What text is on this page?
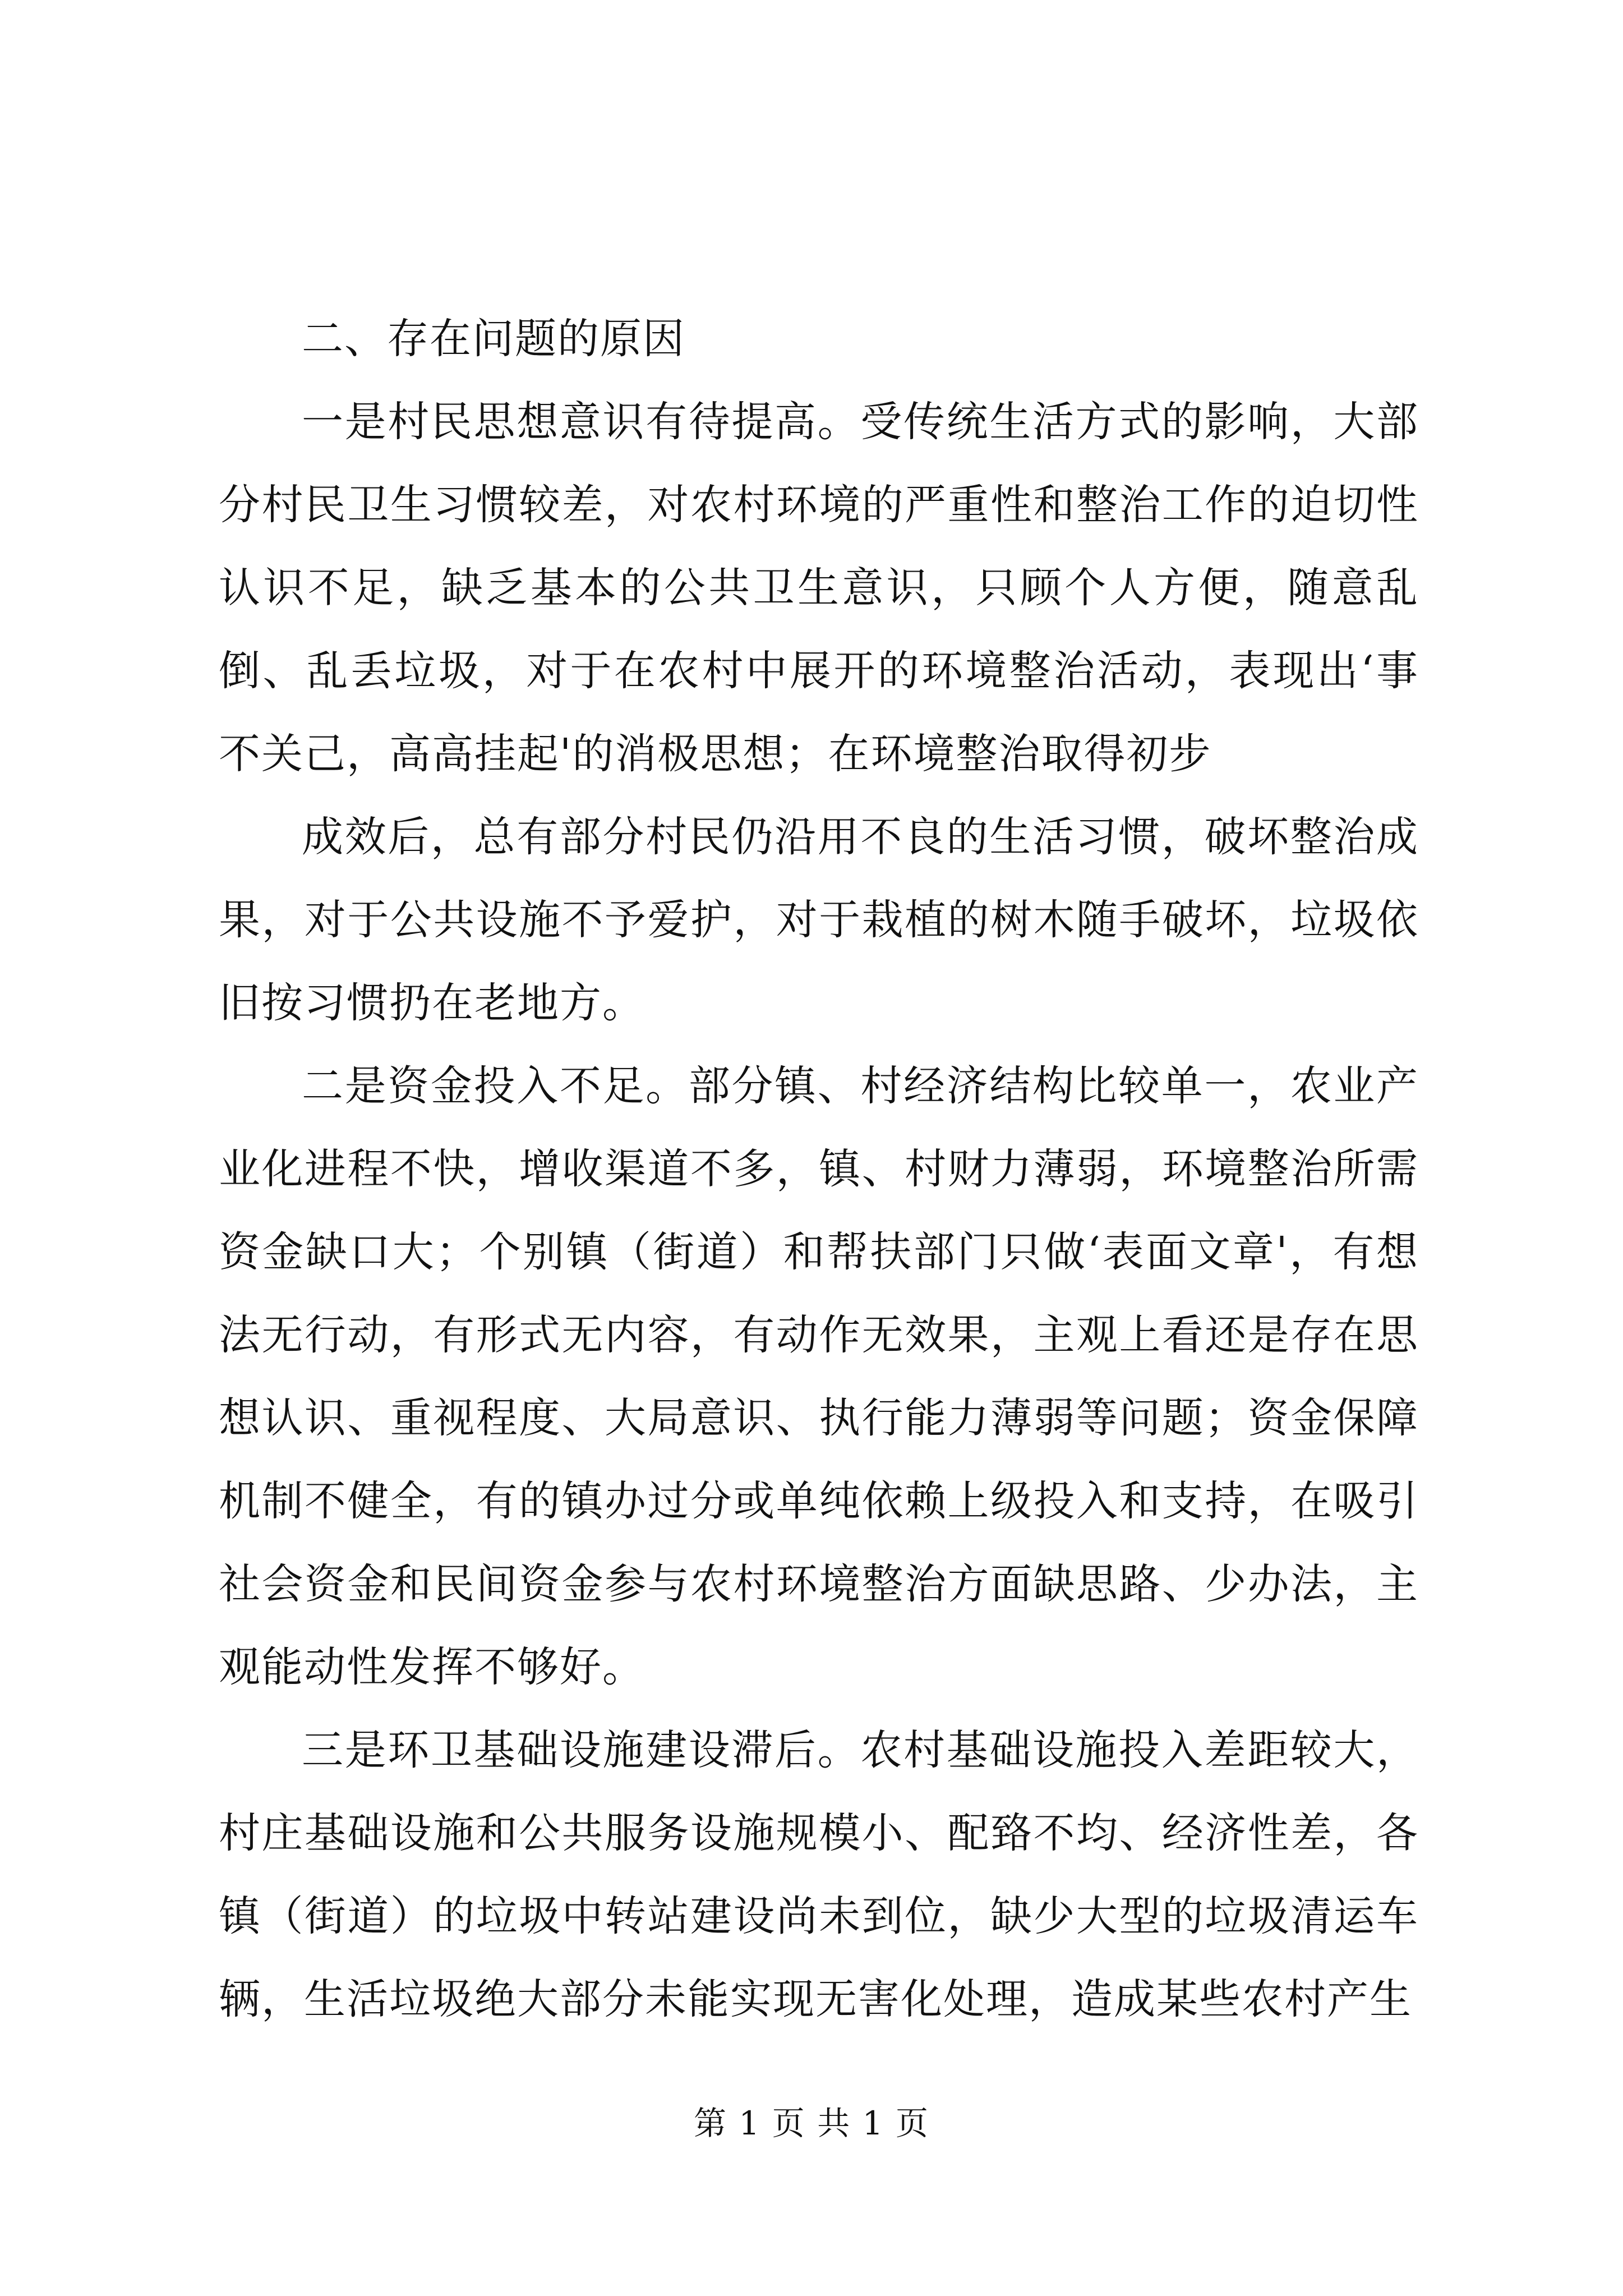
二、存在问题的原因

一是村民思想意识有待提高。受传统生活方式的影响，大部分村民卫生习惯较差，对农村环境的严重性和整治工作的迫切性认识不足，缺乏基本的公共卫生意识，只顾个人方便，随意乱倒、乱丢垃圾，对于在农村中展开的环境整治活动，表现出‘事不关己，高高挂起'的消极思想；在环境整治取得初步

成效后，总有部分村民仍沿用不良的生活习惯，破坏整治成果，对于公共设施不予爱护，对于栽植的树木随手破坏，垃圾依旧按习惯扔在老地方。

二是资金投入不足。部分镇、村经济结构比较单一，农业产业化进程不快，增收渠道不多，镇、村财力薄弱，环境整治所需资金缺口大；个别镇（街道）和帮扶部门只做‘表面文章'，有想法无行动，有形式无内容，有动作无效果，主观上看还是存在思想认识、重视程度、大局意识、执行能力薄弱等问题；资金保障机制不健全，有的镇办过分或单纯依赖上级投入和支持，在吸引社会资金和民间资金参与农村环境整治方面缺思路、少办法，主观能动性发挥不够好。

三是环卫基础设施建设滞后。农村基础设施投入差距较大，村庄基础设施和公共服务设施规模小、配臵不均、经济性差，各镇（街道）的垃圾中转站建设尚未到位，缺少大型的垃圾清运车辆，生活垃圾绝大部分未能实现无害化处理，造成某些农村产生

第 1 页 共 1 页
